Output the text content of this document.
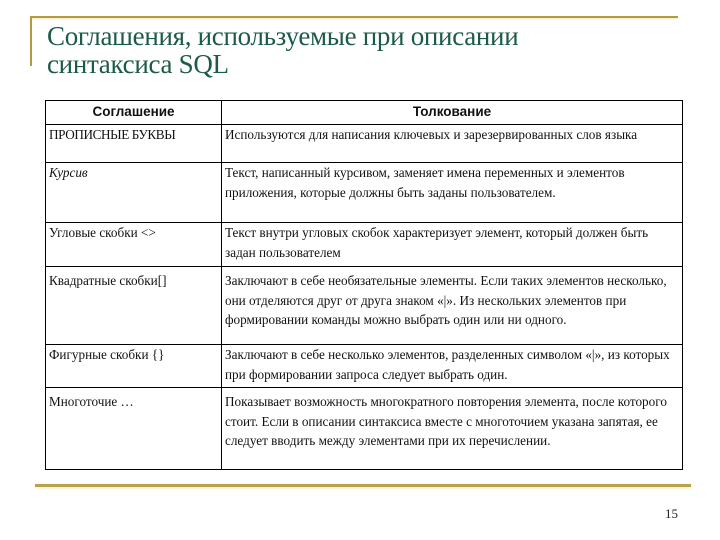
Соглашения, используемые при описании
синтаксиса SQL
Соглашение	Толкование
ПРОПИСНЫЕ БУКВЫ	Используются для написания ключевых и зарезервированных слов языка
Курсив	Текст, написанный курсивом, заменяет имена переменных и элементов приложения, которые должны быть заданы пользователем.
Угловые скобки <>	Текст внутри угловых скобок характеризует элемент, который должен быть задан пользователем
Квадратные скобки[]	Заключают в себе необязательные элементы. Если таких элементов несколько, они отделяются друг от друга знаком «|». Из нескольких элементов при формировании команды можно выбрать один или ни одного.
Фигурные скобки {}	Заключают в себе несколько элементов, разделенных символом «|», из которых при формировании запроса следует выбрать один.
Многоточие …	Показывает возможность многократного повторения элемента, после которого стоит. Если в описании синтаксиса вместе с многоточием указана запятая, ее следует вводить между элементами при их перечислении.
15
